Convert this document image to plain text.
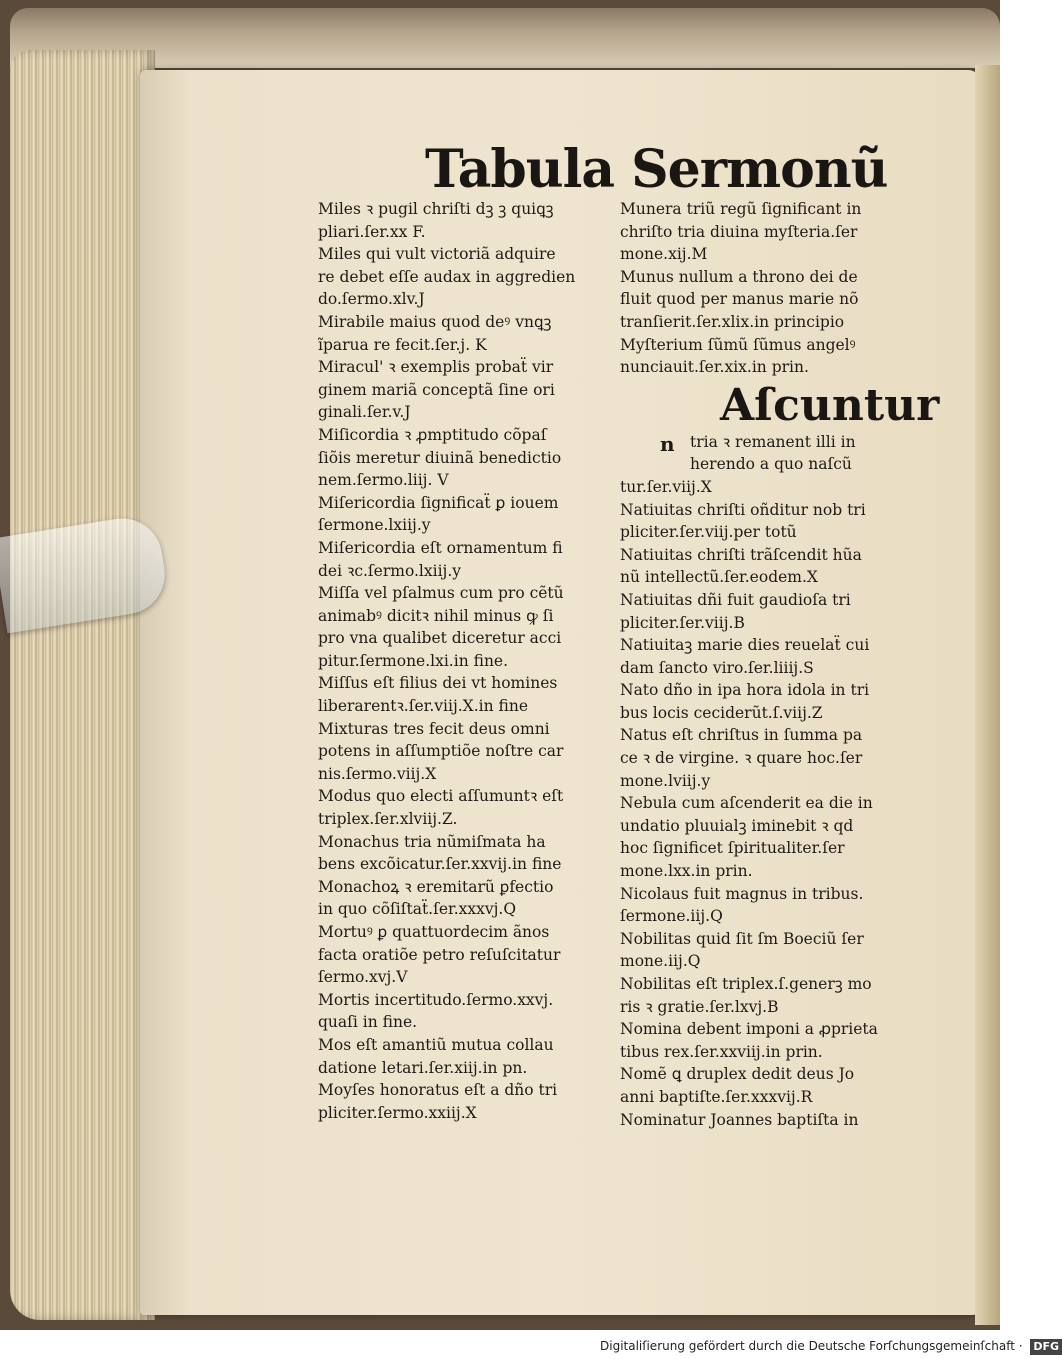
Tabula Sermonũ
Miles ꝛ pugil chriſti dꝫ ꝫ quiꝗꝫ
pliari.ſer.xx F.
Miles qui vult victoriã adquire
re debet eſſe audax in aggredien
do.ſermo.xlv.J
Mirabile maius quod deꝰ vnꝗꝫ
ĩparua re fecit.ſer.j. K
Miracul' ꝛ exemplis probaẗ vir
ginem mariã conceptã ſine ori
ginali.ſer.v.J
Miſicordia ꝛ ꝓmptitudo cõpaſ
ſiõis meretur diuinã benedictio
nem.ſermo.liij. V
Miſericordia ſignificaẗ ꝑ iouem
ſermone.lxiij.y
Miſericordia eſt ornamentum fi
dei ꝛc.ſermo.lxiij.y
Miſſa vel pſalmus cum pro cẽtũ
animabꝰ dicitꝛ nihil minus ꝙ ſi
pro vna qualibet diceretur acci
pitur.ſermone.lxi.in fine.
Miſſus eſt filius dei vt homines
liberarentꝛ.ſer.viij.X.in fine
Mixturas tres fecit deus omni
potens in aſſumptiõe noſtre car
nis.ſermo.viij.X
Modus quo electi aſſumuntꝛ eſt
triplex.ſer.xlviij.Z.
Monachus tria nũmiſmata ha
bens excõicatur.ſer.xxvij.in fine
Monachoꝝ ꝛ eremitarũ ꝑfectio
in quo cõſiſtaẗ.ſer.xxxvj.Q
Mortuꝰ ꝑ quattuordecim ãnos
facta oratiõe petro reſuſcitatur
ſermo.xvj.V
Mortis incertitudo.ſermo.xxvj.
quaſi in fine.
Mos eſt amantiũ mutua collau
datione letari.ſer.xiij.in pn.
Moyſes honoratus eſt a dño tri
pliciter.ſermo.xxiij.X
Munera triũ regũ ſignificant in
chriſto tria diuina myſteria.ſer
mone.xij.M
Munus nullum a throno dei de
fluit quod per manus marie nõ
tranſierit.ſer.xlix.in principio
Myſterium ſũmũ ſũmus angelꝰ
nunciauit.ſer.xix.in prin.
Aſcuntur
n tria ꝛ remanent illi in
herendo a quo naſcũ
tur.ſer.viij.X
Natiuitas chriſti oñditur nob tri
pliciter.ſer.viij.per totũ
Natiuitas chriſti trãſcendit hũa
nũ intellectũ.ſer.eodem.X
Natiuitas dñi fuit gaudioſa tri
pliciter.ſer.viij.B
Natiuitaꝫ marie dies reuelaẗ cui
dam ſancto viro.ſer.liiij.S
Nato dño in ipa hora idola in tri
bus locis ceciderũt.ſ.viij.Z
Natus eſt chriſtus in ſumma pa
ce ꝛ de virgine. ꝛ quare hoc.ſer
mone.lviij.y
Nebula cum aſcenderit ea die in
undatio pluuialꝫ iminebit ꝛ qd
hoc ſignificet ſpiritualiter.ſer
mone.lxx.in prin.
Nicolaus fuit magnus in tribus.
ſermone.iij.Q
Nobilitas quid ſit ſm Boeciũ ſer
mone.iij.Q
Nobilitas eſt triplex.ſ.generꝫ mo
ris ꝛ gratie.ſer.lxvj.B
Nomina debent imponi a ꝓprieta
tibus rex.ſer.xxviij.in prin.
Nomẽ ꝗ druplex dedit deus Jo
anni baptiſte.ſer.xxxvij.R
Nominatur Joannes baptiſta in
Digitaliſierung gefördert durch die Deutsche Forſchungsgemeinſchaft · DFG
